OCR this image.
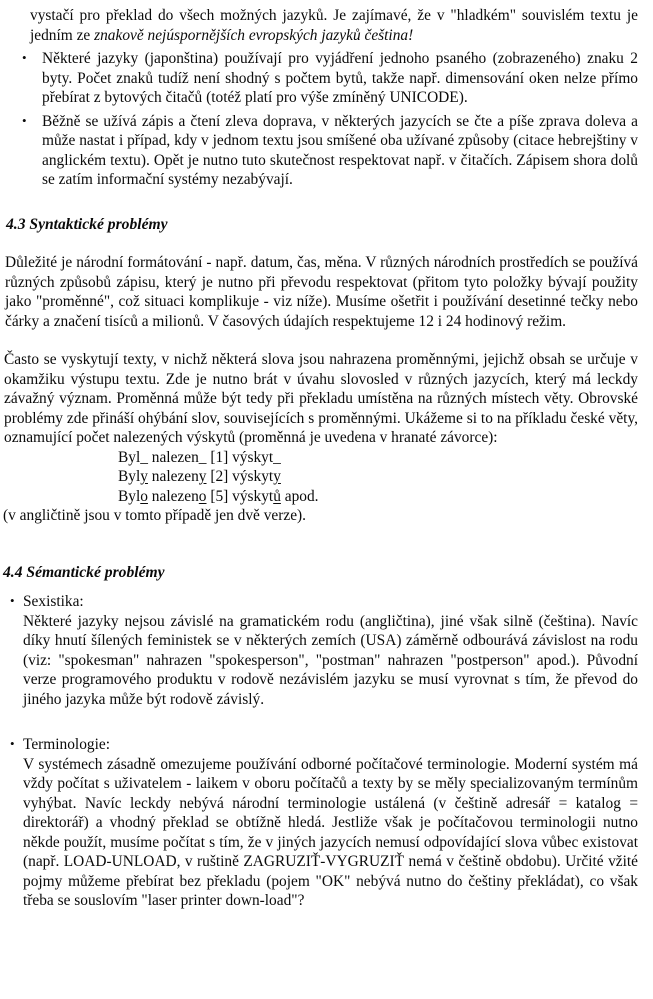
vystačí pro překlad do všech možných jazyků. Je zajímavé, že v "hladkém" souvislém textu je jedním ze znakově nejúspornějších evropských jazyků čeština!

• Některé jazyky (japonština) používají pro vyjádření jednoho psaného (zobrazeného) znaku 2 byty. Počet znaků tudíž není shodný s počtem bytů, takže např. dimensování oken nelze přímo přebírat z bytových čitačů (totéž platí pro výše zmíněný UNICODE).
• Běžně se užívá zápis a čtení zleva doprava, v některých jazycích se čte a píše zprava doleva a může nastat i případ, kdy v jednom textu jsou smíšené oba užívané způsoby (citace hebrejštiny v anglickém textu). Opět je nutno tuto skutečnost respektovat např. v čitačích. Zápisem shora dolů se zatím informační systémy nezabývají.
4.3 Syntaktické problémy

Důležité je národní formátování - např. datum, čas, měna. V různých národních prostředích se používá různých způsobů zápisu, který je nutno při převodu respektovat (přitom tyto položky bývají použity jako "proměnné", což situaci komplikuje - viz níže). Musíme ošetřit i používání desetinné tečky nebo čárky a značení tisíců a milionů. V časových údajích respektujeme 12 i 24 hodinový režim.

Často se vyskytují texty, v nichž některá slova jsou nahrazena proměnnými, jejichž obsah se určuje v okamžiku výstupu textu. Zde je nutno brát v úvahu slovosled v různých jazycích, který má leckdy závažný význam. Proměnná může být tedy při překladu umístěna na různých místech věty. Obrovské problémy zde přináší ohýbání slov, souvisejících s proměnnými. Ukážeme si to na příkladu české věty, oznamující počet nalezených výskytů (proměnná je uvedena v hranaté závorce):

Byl_ nalezen_ [1] výskyt_
Byly nalezeny [2] výskyty
Bylo nalezeno [5] výskytů apod.

(v angličtině jsou v tomto případě jen dvě verze).

4.4 Sémantické problémy
• Sexistika:
Některé jazyky nejsou závislé na gramatickém rodu (angličtina), jiné však silně (čeština). Navíc díky hnutí šílených feministek se v některých zemích (USA) záměrně odbourává závislost na rodu (viz: "spokesman" nahrazen "spokesperson", "postman" nahrazen "postperson" apod.). Původní verze programového produktu v rodově nezávislém jazyku se musí vyrovnat s tím, že převod do jiného jazyka může být rodově závislý.
• Terminologie:
V systémech zásadně omezujeme používání odborné počítačové terminologie. Moderní systém má vždy počítat s uživatelem - laikem v oboru počítačů a texty by se měly specializovaným termínům vyhýbat. Navíc leckdy nebývá národní terminologie ustálená (v češtině adresář = katalog = direktorář) a vhodný překlad se obtížně hledá. Jestliže však je počítačovou terminologii nutno někde použít, musíme počítat s tím, že v jiných jazycích nemusí odpovídající slova vůbec existovat (např. LOAD-UNLOAD, v ruštině ZAGRUZIŤ-VYGRUZIŤ nemá v češtině obdobu). Určité vžité pojmy můžeme přebírat bez překladu (pojem "OK" nebývá nutno do češtiny překládat), co však třeba se souslovím "laser printer down-load"?
